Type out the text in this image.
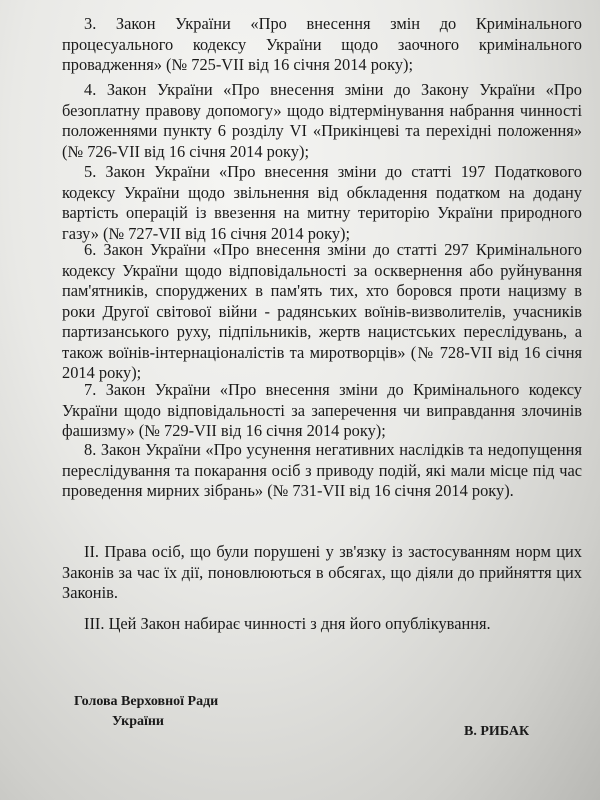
3. Закон України «Про внесення змін до Кримінального процесуального кодексу України щодо заочного кримінального провадження» (№ 725-VII від 16 січня 2014 року);

4. Закон України «Про внесення зміни до Закону України «Про безоплатну правову допомогу» щодо відтермінування набрання чинності положеннями пункту 6 розділу VI «Прикінцеві та перехідні положення» (№ 726-VII від 16 січня 2014 року);

5. Закон України «Про внесення зміни до статті 197 Податкового кодексу України щодо звільнення від обкладення податком на додану вартість операцій із ввезення на митну територію України природного газу» (№ 727-VII від 16 січня 2014 року);

6. Закон України «Про внесення зміни до статті 297 Кримінального кодексу України щодо відповідальності за осквернення або руйнування пам'ятників, споруджених в пам'ять тих, хто боровся проти нацизму в роки Другої світової війни - радянських воїнів-визволителів, учасників партизанського руху, підпільників, жертв нацистських переслідувань, а також воїнів-інтернаціоналістів та миротворців» (№ 728-VII від 16 січня 2014 року);

7. Закон України «Про внесення зміни до Кримінального кодексу України щодо відповідальності за заперечення чи виправдання злочинів фашизму» (№ 729-VII від 16 січня 2014 року);

8. Закон України «Про усунення негативних наслідків та недопущення переслідування та покарання осіб з приводу подій, які мали місце під час проведення мирних зібрань» (№ 731-VII від 16 січня 2014 року).

II. Права осіб, що були порушені у зв'язку із застосуванням норм цих Законів за час їх дії, поновлюються в обсягах, що діяли до прийняття цих Законів.

III. Цей Закон набирає чинності з дня його опублікування.

Голова Верховної Ради
України
В. РИБАК
